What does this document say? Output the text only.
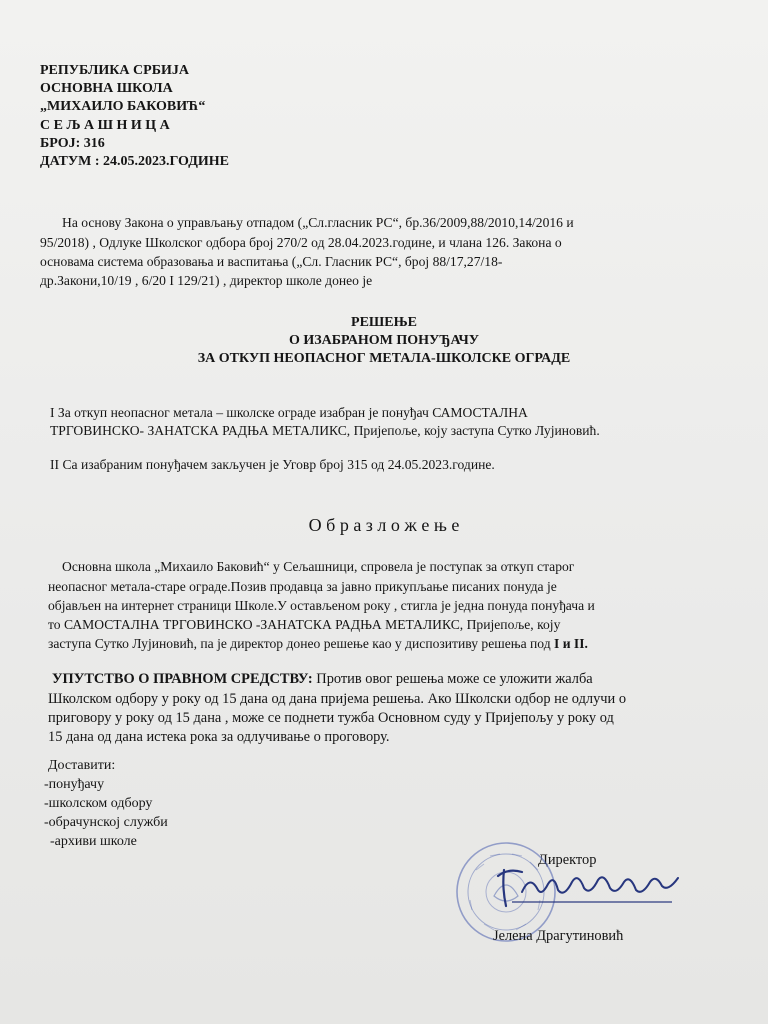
РЕПУБЛИКА СРБИЈА
ОСНОВНА ШКОЛА
„МИХАИЛО БАКОВИЋ“
С Е Љ А Ш Н И Ц А
БРОЈ: 316
ДАТУМ : 24.05.2023.ГОДИНЕ
На основу Закона о управљању отпадом („Сл.гласник РС“, бр.36/2009,88/2010,14/2016 и
95/2018) , Одлуке Школског одбора број 270/2 од 28.04.2023.године, и члана 126. Закона о
основама система образовања и васпитања („Сл. Гласник РС“, број 88/17,27/18-
др.Закони,10/19 , 6/20 I 129/21) , директор школе донео је
РЕШЕЊЕ
О ИЗАБРАНОМ ПОНУЂАЧУ
ЗА ОТКУП НЕОПАСНОГ МЕТАЛА-ШКОЛСКЕ ОГРАДЕ
I За откуп неопасног метала – школске ограде изабран је понуђач САМОСТАЛНА
ТРГОВИНСКО- ЗАНАТСКА РАДЊА МЕТАЛИКС, Пријепоље, коју заступа Сутко Лујиновић.
II Са изабраним понуђачем закључен је Уговр број 315 од 24.05.2023.године.
О б р а з л о ж е њ е
Основна школа „Михаило Баковић“ у Сељашници, спровела је поступак за откуп старог
неопасног метала-старе ограде.Позив продавца за јавно прикупљање писаних понуда је
објављен на интернет страници Школе.У остављеном року , стигла је једна понуда понуђача и
то САМОСТАЛНА ТРГОВИНСКО -ЗАНАТСКА РАДЊА МЕТАЛИКС, Пријепоље, коју
заступа Сутко Лујиновић, па је директор донео решење као у диспозитиву решења под I и II.
УПУТСТВО О ПРАВНОМ СРЕДСТВУ: Против овог решења може се уложити жалба
Школском одбору у року од 15 дана од дана пријема решења. Ако Школски одбор не одлучи о
приговору у року од 15 дана , може се поднети тужба Основном суду у Пријепољу у року од
15 дана од дана истека рока за одлучивање о проговору.
Доставити:
-понуђачу
-школском одбору
-обрачунској служби
-архиви школе
Директор
Јелена Драгутиновић
